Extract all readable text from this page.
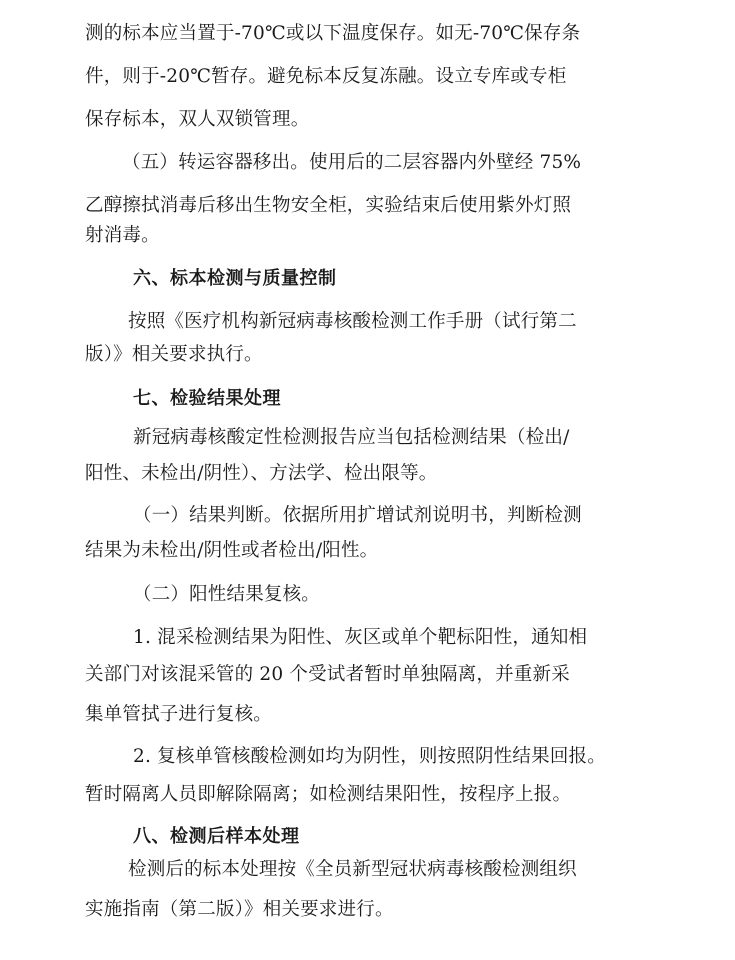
测的标本应当置于-70℃或以下温度保存。如无-70℃保存条
件，则于-20℃暂存。避免标本反复冻融。设立专库或专柜
保存标本，双人双锁管理。
（五）转运容器移出。使用后的二层容器内外壁经 75%
乙醇擦拭消毒后移出生物安全柜，实验结束后使用紫外灯照
射消毒。
六、标本检测与质量控制
按照《医疗机构新冠病毒核酸检测工作手册（试行第二
版）》相关要求执行。
七、检验结果处理
新冠病毒核酸定性检测报告应当包括检测结果（检出/
阳性、未检出/阴性）、方法学、检出限等。
（一）结果判断。依据所用扩增试剂说明书，判断检测
结果为未检出/阴性或者检出/阳性。
（二）阳性结果复核。
1. 混采检测结果为阳性、灰区或单个靶标阳性，通知相
关部门对该混采管的 20 个受试者暂时单独隔离，并重新采
集单管拭子进行复核。
2. 复核单管核酸检测如均为阴性，则按照阴性结果回报。
暂时隔离人员即解除隔离；如检测结果阳性，按程序上报。
八、检测后样本处理
检测后的标本处理按《全员新型冠状病毒核酸检测组织
实施指南（第二版）》相关要求进行。
